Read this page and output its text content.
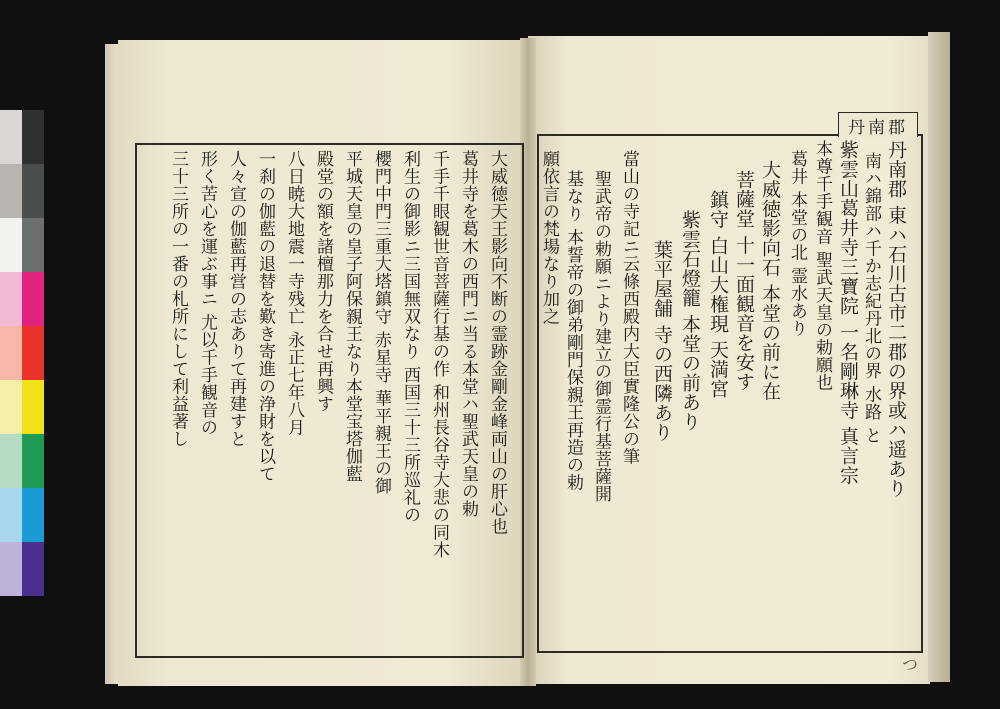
丹南郡
丹南郡 東ハ石川古市二郡の界或ハ遥あり
南ハ錦部ハ千か志紀丹北の界 水路 と
紫雲山葛井寺三寶院 一名剛琳寺 真言宗
本尊千手観音 聖武天皇の勅願也
葛井 本堂の北 霊水あり
大威徳影向石 本堂の前に在
菩薩堂 十一面観音を安す
鎮守 白山大権現 天満宮
紫雲石燈籠 本堂の前あり
葉平屋舗 寺の西隣あり
當山の寺記ニ云條西殿内大臣實隆公の筆
聖武帝の勅願ニより建立の御霊行基菩薩開
基なり 本誓帝の御弟剛門保親王再造の勅
願依言の梵場なり加之
大威徳天王影向不断の霊跡金剛金峰両山の肝心也
葛井寺を葛木の西門ニ当る本堂ハ聖武天皇の勅
千手千眼観世音菩薩行基の作 和州長谷寺大悲の同木
利生の御影ニ三国無双なり 西国三十三所巡礼の
櫻門中門三重大塔鎮守 赤星寺 華平親王の御
平城天皇の皇子阿保親王なり本堂宝塔伽藍
殿堂の額を諸檀那力を合せ再興す
八日暁大地震一寺残亡 永正七年八月
一刹の伽藍の退替を歎き寄進の浄財を以て
人々宣の伽藍再営の志ありて再建すと
形く苦心を運ぶ事ニ 尤以千手観音の
三十三所の一番の札所にして利益著し
つ
